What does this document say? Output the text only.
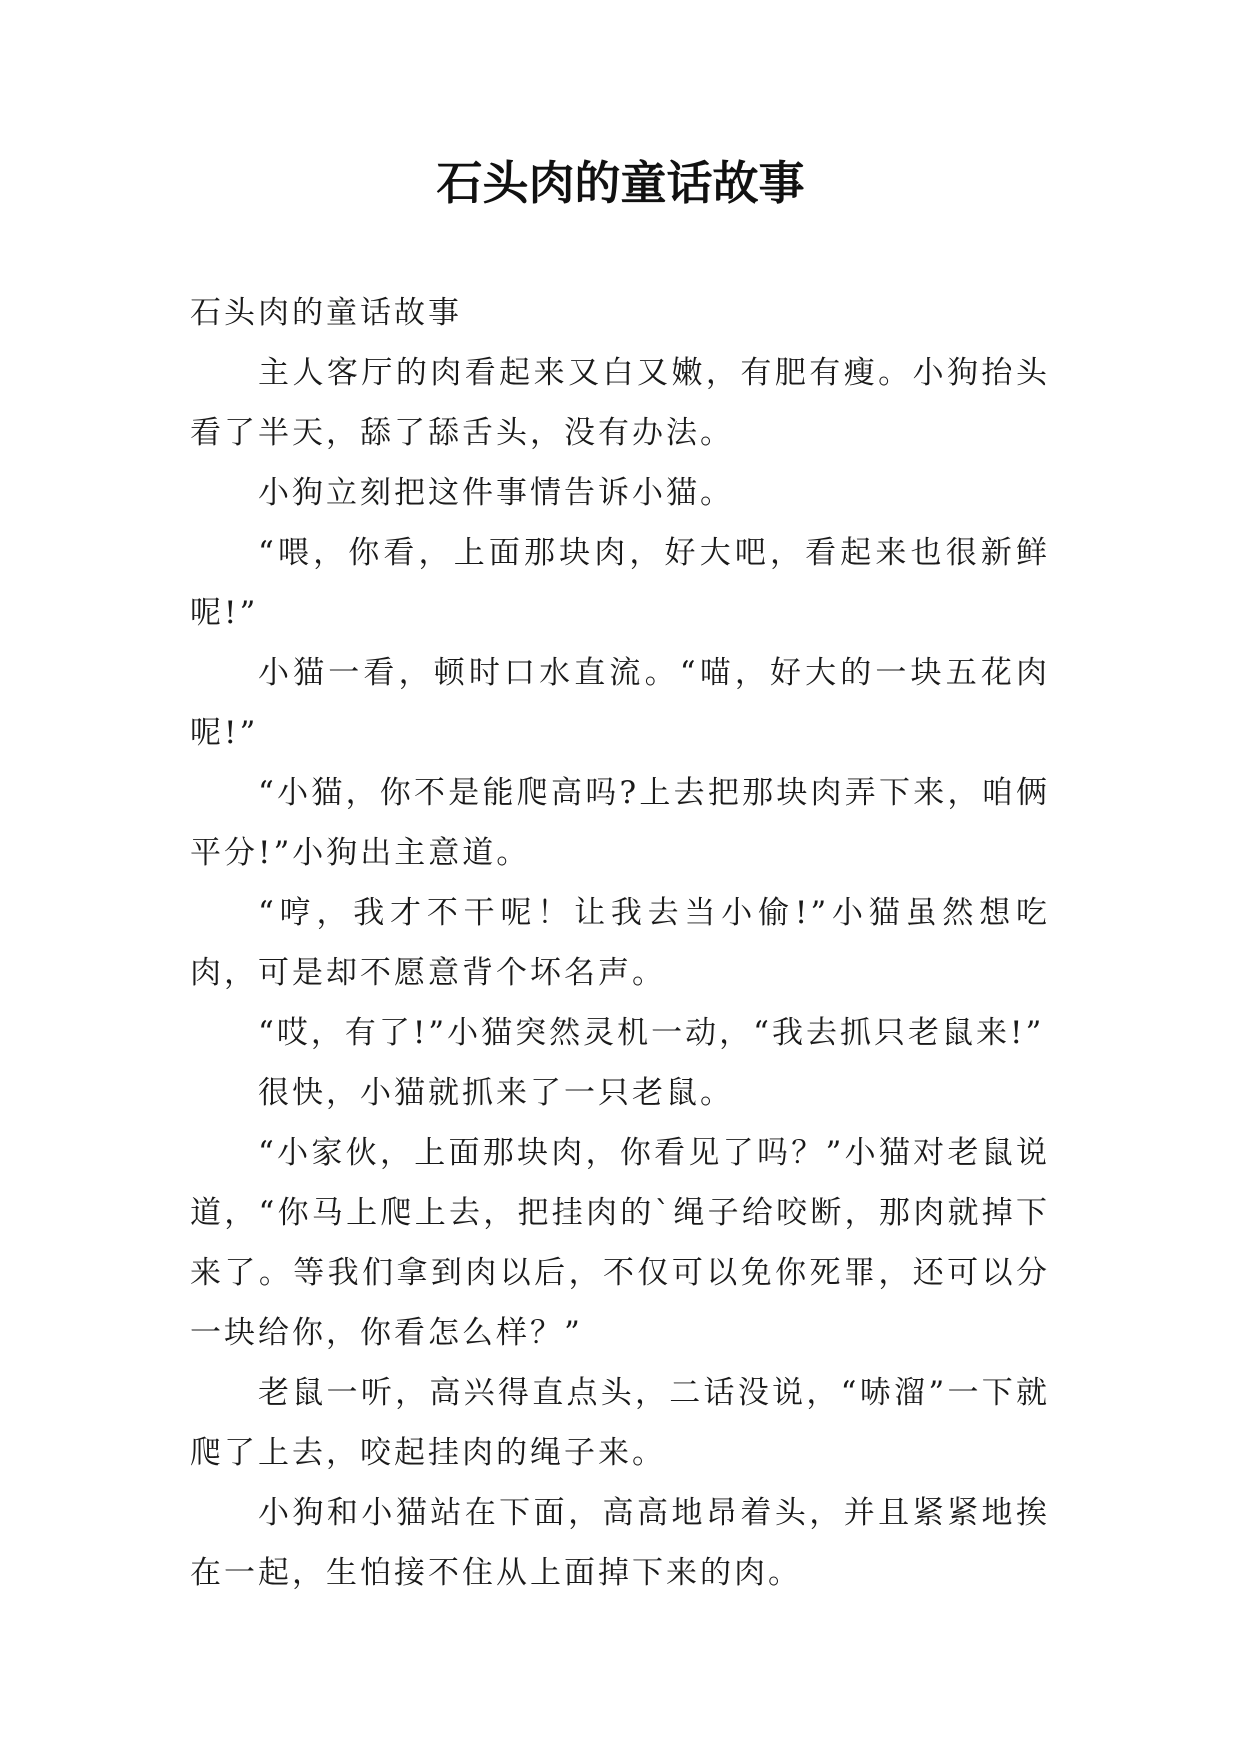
石头肉的童话故事

石头肉的童话故事

主人客厅的肉看起来又白又嫩，有肥有瘦。小狗抬头看了半天，舔了舔舌头，没有办法。

小狗立刻把这件事情告诉小猫。

“喂，你看，上面那块肉，好大吧，看起来也很新鲜呢!”

小猫一看，顿时口水直流。“喵，好大的一块五花肉呢!”

“小猫，你不是能爬高吗?上去把那块肉弄下来，咱俩平分!”小狗出主意道。

“哼，我才不干呢！让我去当小偷!”小猫虽然想吃肉，可是却不愿意背个坏名声。

“哎，有了!”小猫突然灵机一动，“我去抓只老鼠来!”

很快，小猫就抓来了一只老鼠。

“小家伙，上面那块肉，你看见了吗？”小猫对老鼠说道，“你马上爬上去，把挂肉的`绳子给咬断，那肉就掉下来了。等我们拿到肉以后，不仅可以免你死罪，还可以分一块给你，你看怎么样？”

老鼠一听，高兴得直点头，二话没说，“哧溜”一下就爬了上去，咬起挂肉的绳子来。

小狗和小猫站在下面，高高地昂着头，并且紧紧地挨在一起，生怕接不住从上面掉下来的肉。
